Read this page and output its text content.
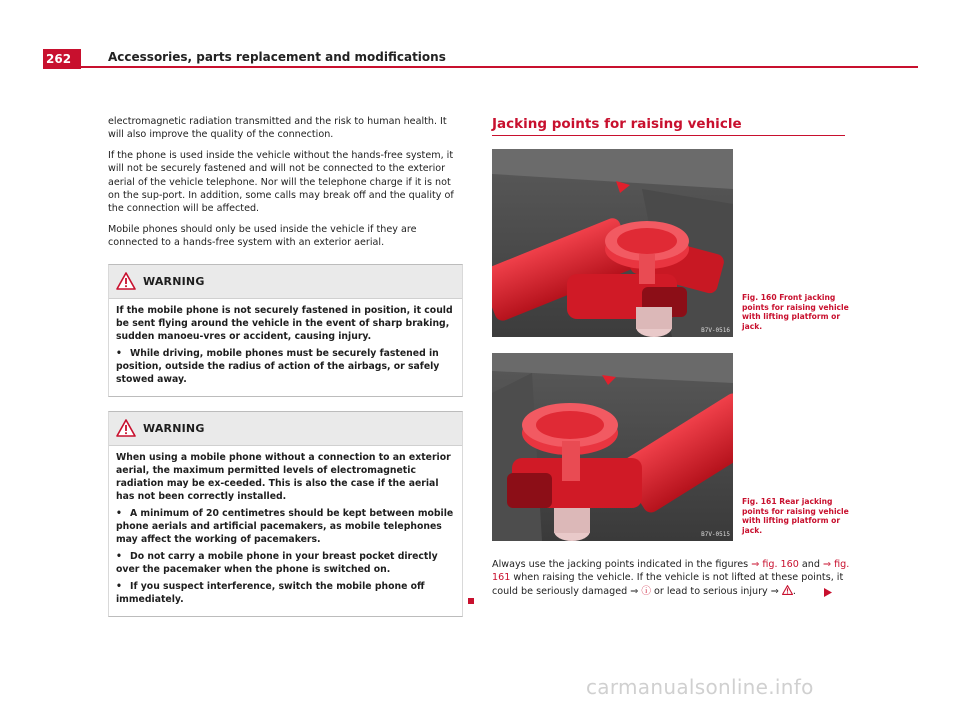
262	Accessories, parts replacement and modifications

electromagnetic radiation transmitted and the risk to human health. It will also improve the quality of the connection.

If the phone is used inside the vehicle without the hands-free system, it will not be securely fastened and will not be connected to the exterior aerial of the vehicle telephone. Nor will the telephone charge if it is not on the sup-port. In addition, some calls may break off and the quality of the connection will be affected.

Mobile phones should only be used inside the vehicle if they are connected to a hands-free system with an exterior aerial.

WARNING

If the mobile phone is not securely fastened in position, it could be sent flying around the vehicle in the event of sharp braking, sudden manoeu-vres or accident, causing injury.

• While driving, mobile phones must be securely fastened in position, outside the radius of action of the airbags, or safely stowed away.

WARNING

When using a mobile phone without a connection to an exterior aerial, the maximum permitted levels of electromagnetic radiation may be ex-ceeded. This is also the case if the aerial has not been correctly installed.

• A minimum of 20 centimetres should be kept between mobile phone aerials and artificial pacemakers, as mobile telephones may affect the working of pacemakers.

• Do not carry a mobile phone in your breast pocket directly over the pacemaker when the phone is switched on.

• If you suspect interference, switch the mobile phone off immediately.

Jacking points for raising vehicle
B7V-0516
Fig. 160 Front jacking points for raising vehicle with lifting platform or jack.
B7V-0515
Fig. 161 Rear jacking points for raising vehicle with lifting platform or jack.

Always use the jacking points indicated in the figures ⇒ fig. 160 and ⇒ fig. 161 when raising the vehicle. If the vehicle is not lifted at these points, it could be seriously damaged ⇒ ⓘ or lead to serious injury ⇒ .

carmanualsonline.info
